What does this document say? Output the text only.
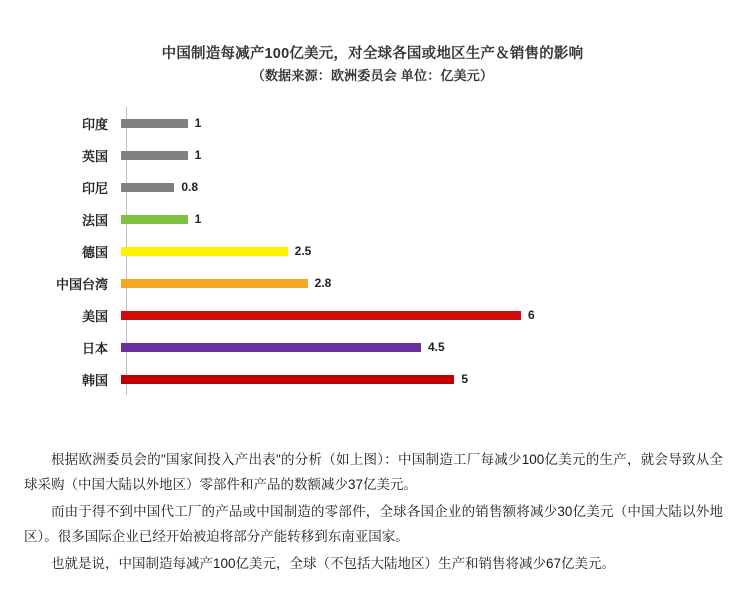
中国制造每减产100亿美元，对全球各国或地区生产＆销售的影响
（数据来源：欧洲委员会 单位：亿美元）
印度	1
英国	1
印尼	0.8
法国	1
德国	2.5
中国台湾	2.8
美国	6
日本	4.5
韩国	5

根据欧洲委员会的"国家间投入产出表"的分析（如上图）：中国制造工厂每减少100亿美元的生产，就会导致从全球采购（中国大陆以外地区）零部件和产品的数额减少37亿美元。

而由于得不到中国代工厂的产品或中国制造的零部件，全球各国企业的销售额将减少30亿美元（中国大陆以外地区）。很多国际企业已经开始被迫将部分产能转移到东南亚国家。

也就是说，中国制造每减产100亿美元，全球（不包括大陆地区）生产和销售将减少67亿美元。
